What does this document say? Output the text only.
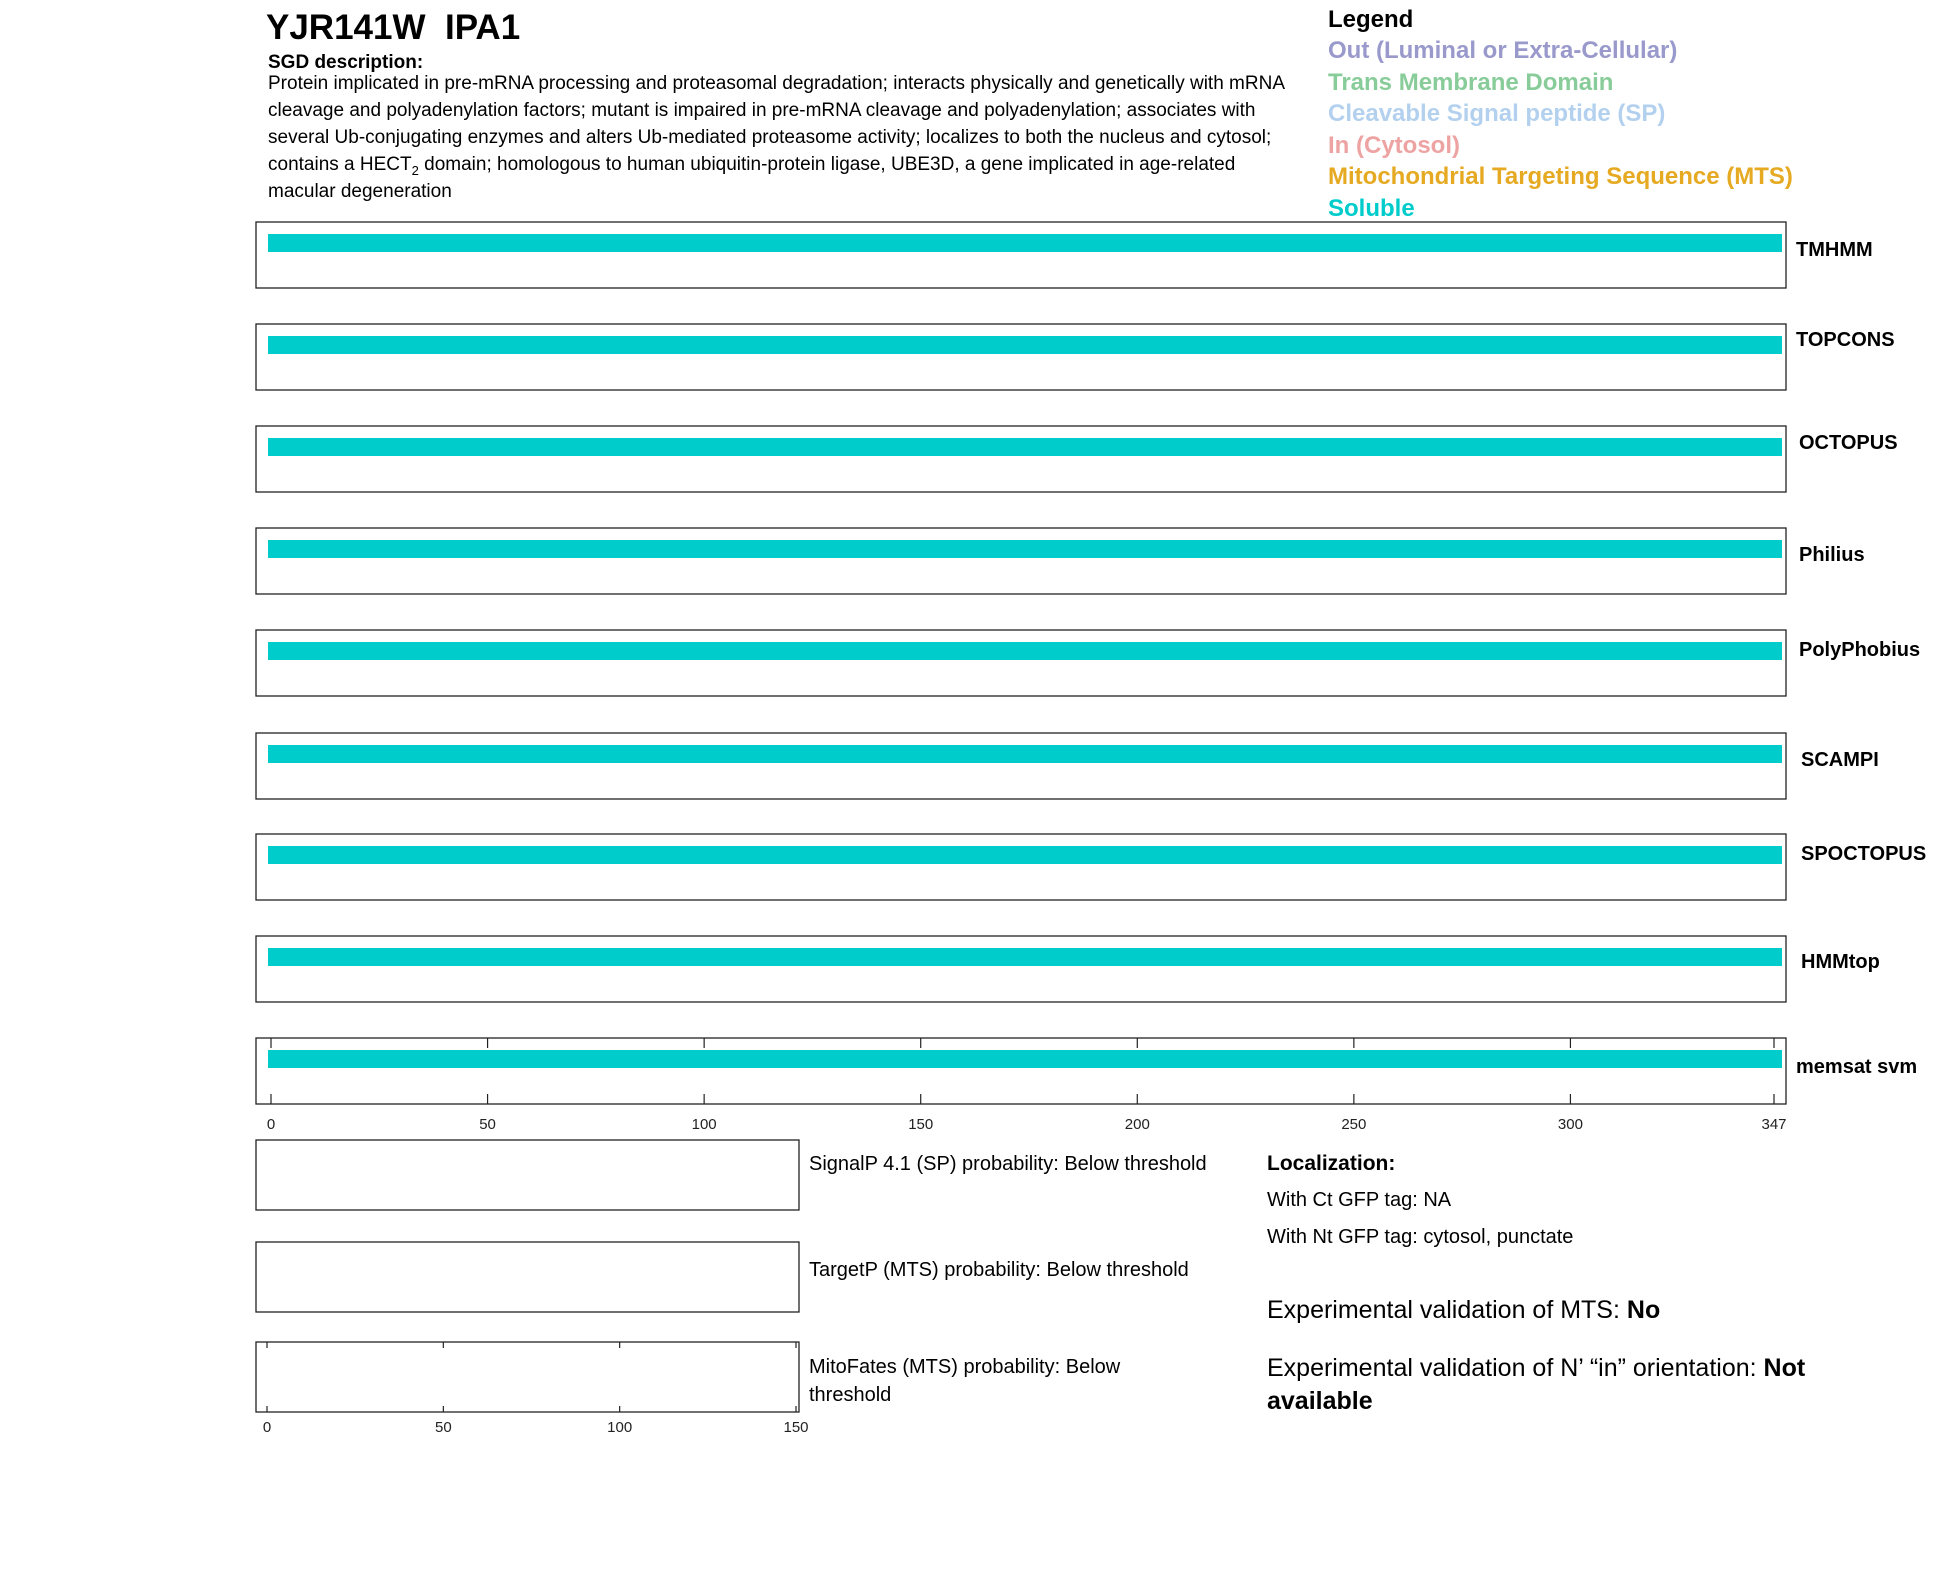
YJR141W  IPA1
SGD description:
Protein implicated in pre-mRNA processing and proteasomal degradation; interacts physically and genetically with mRNA cleavage and polyadenylation factors; mutant is impaired in pre-mRNA cleavage and polyadenylation; associates with several Ub-conjugating enzymes and alters Ub-mediated proteasome activity; localizes to both the nucleus and cytosol; contains a $HECT_2$ domain; homologous to human ubiquitin-protein ligase, UBE3D, a gene implicated in age-related macular degeneration
Legend
Out (Luminal or Extra-Cellular)
Trans Membrane Domain
Cleavable Signal peptide (SP)
In (Cytosol)
Mitochondrial Targeting Sequence (MTS)
Soluble
TMHMM
TOPCONS
OCTOPUS
Philius
PolyPhobius
SCAMPI
SPOCTOPUS
HMMtop
memsat svm
0	50	100	150	200	250	300	347
0	50	100	150
SignalP 4.1 (SP) probability: Below threshold
TargetP (MTS) probability: Below threshold
MitoFates (MTS) probability: Below threshold
Localization:
With Ct GFP tag: NA
With Nt GFP tag: cytosol, punctate
Experimental validation of MTS: No
Experimental validation of N’ “in” orientation: Not available
